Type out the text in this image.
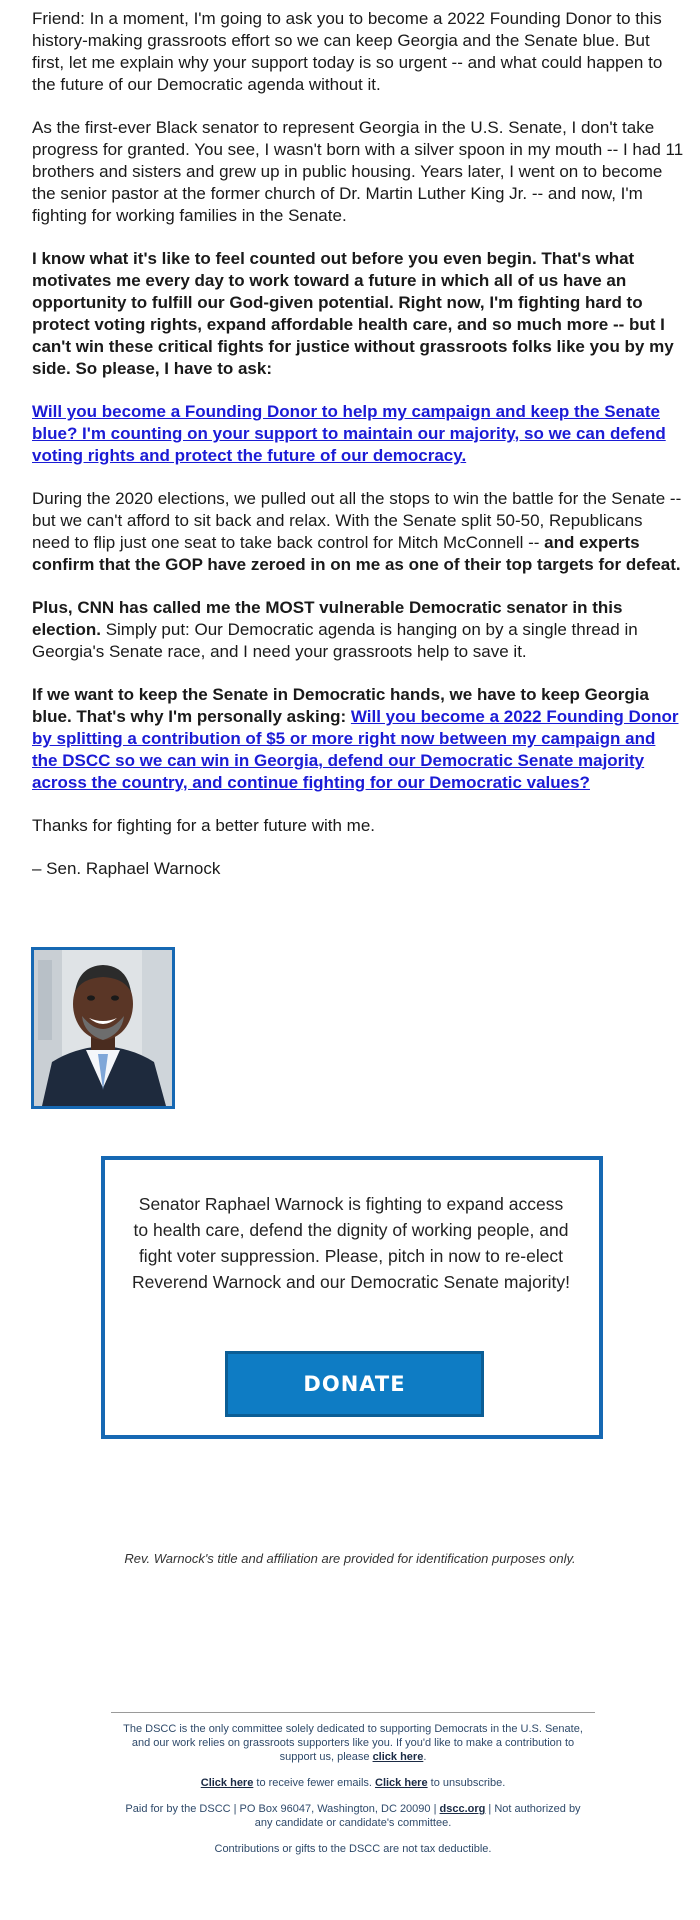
Friend: In a moment, I'm going to ask you to become a 2022 Founding Donor to this history-making grassroots effort so we can keep Georgia and the Senate blue. But first, let me explain why your support today is so urgent -- and what could happen to the future of our Democratic agenda without it.

As the first-ever Black senator to represent Georgia in the U.S. Senate, I don't take progress for granted. You see, I wasn't born with a silver spoon in my mouth -- I had 11 brothers and sisters and grew up in public housing. Years later, I went on to become the senior pastor at the former church of Dr. Martin Luther King Jr. -- and now, I'm fighting for working families in the Senate.

I know what it's like to feel counted out before you even begin. That's what motivates me every day to work toward a future in which all of us have an opportunity to fulfill our God-given potential. Right now, I'm fighting hard to protect voting rights, expand affordable health care, and so much more -- but I can't win these critical fights for justice without grassroots folks like you by my side. So please, I have to ask:

Will you become a Founding Donor to help my campaign and keep the Senate blue? I'm counting on your support to maintain our majority, so we can defend voting rights and protect the future of our democracy.

During the 2020 elections, we pulled out all the stops to win the battle for the Senate -- but we can't afford to sit back and relax. With the Senate split 50-50, Republicans need to flip just one seat to take back control for Mitch McConnell -- and experts confirm that the GOP have zeroed in on me as one of their top targets for defeat.

Plus, CNN has called me the MOST vulnerable Democratic senator in this election. Simply put: Our Democratic agenda is hanging on by a single thread in Georgia's Senate race, and I need your grassroots help to save it.

If we want to keep the Senate in Democratic hands, we have to keep Georgia blue. That's why I'm personally asking: Will you become a 2022 Founding Donor by splitting a contribution of $5 or more right now between my campaign and the DSCC so we can win in Georgia, defend our Democratic Senate majority across the country, and continue fighting for our Democratic values?

Thanks for fighting for a better future with me.

– Sen. Raphael Warnock

Senator Raphael Warnock is fighting to expand access to health care, defend the dignity of working people, and fight voter suppression. Please, pitch in now to re-elect Reverend Warnock and our Democratic Senate majority!
DONATE
Rev. Warnock's title and affiliation are provided for identification purposes only.

The DSCC is the only committee solely dedicated to supporting Democrats in the U.S. Senate, and our work relies on grassroots supporters like you. If you'd like to make a contribution to support us, please click here.

Click here to receive fewer emails. Click here to unsubscribe.

Paid for by the DSCC | PO Box 96047, Washington, DC 20090 | dscc.org | Not authorized by any candidate or candidate's committee.

Contributions or gifts to the DSCC are not tax deductible.
